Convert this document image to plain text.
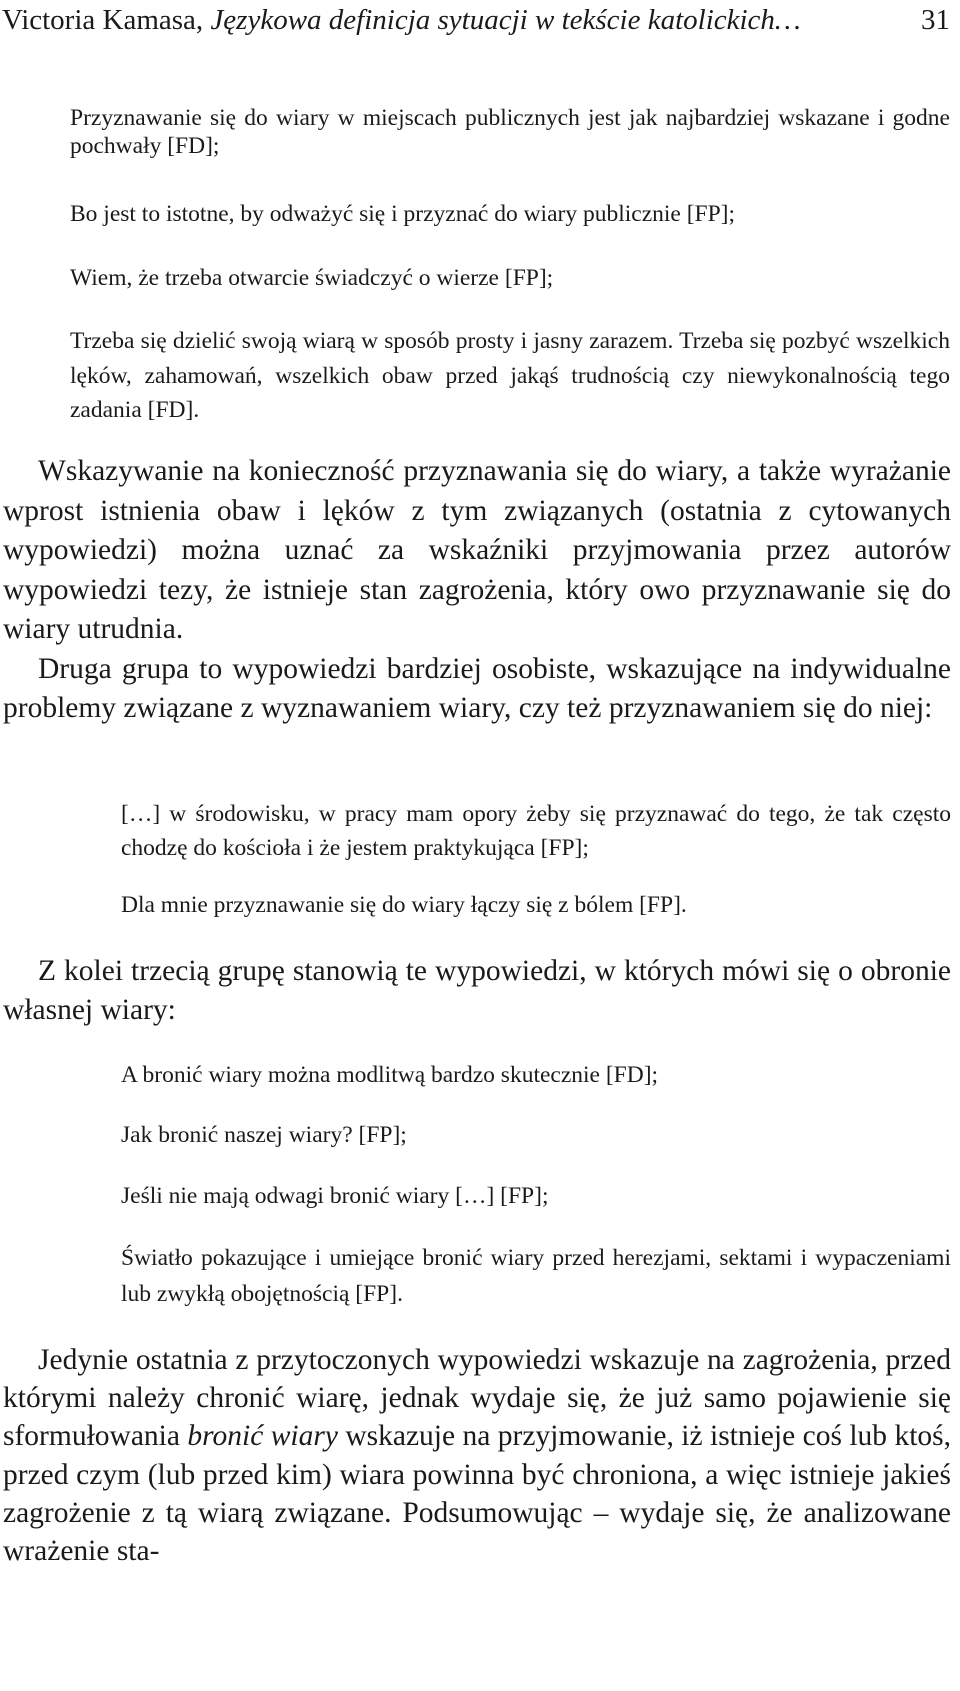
Victoria Kamasa, Językowa definicja sytuacji w tekście katolickich…	31

Przyznawanie się do wiary w miejscach publicznych jest jak najbardziej wskazane i godne pochwały [FD];

Bo jest to istotne, by odważyć się i przyznać do wiary publicznie [FP];

Wiem, że trzeba otwarcie świadczyć o wierze [FP];

Trzeba się dzielić swoją wiarą w sposób prosty i jasny zarazem. Trzeba się pozbyć wszelkich lęków, zahamowań, wszelkich obaw przed jakąś trudnością czy niewykonalnością tego zadania [FD].

Wskazywanie na konieczność przyznawania się do wiary, a także wyrażanie wprost istnienia obaw i lęków z tym związanych (ostatnia z cytowanych wypowiedzi) można uznać za wskaźniki przyjmowania przez autorów wypowiedzi tezy, że istnieje stan zagrożenia, który owo przyznawanie się do wiary utrudnia.

Druga grupa to wypowiedzi bardziej osobiste, wskazujące na indywidualne problemy związane z wyznawaniem wiary, czy też przyznawaniem się do niej:

[…] w środowisku, w pracy mam opory żeby się przyznawać do tego, że tak często chodzę do kościoła i że jestem praktykująca [FP];

Dla mnie przyznawanie się do wiary łączy się z bólem [FP].

Z kolei trzecią grupę stanowią te wypowiedzi, w których mówi się o obronie własnej wiary:

A bronić wiary można modlitwą bardzo skutecznie [FD];

Jak bronić naszej wiary? [FP];

Jeśli nie mają odwagi bronić wiary […] [FP];

Światło pokazujące i umiejące bronić wiary przed herezjami, sektami i wypaczeniami lub zwykłą obojętnością [FP].

Jedynie ostatnia z przytoczonych wypowiedzi wskazuje na zagrożenia, przed którymi należy chronić wiarę, jednak wydaje się, że już samo pojawienie się sformułowania bronić wiary wskazuje na przyjmowanie, iż istnieje coś lub ktoś, przed czym (lub przed kim) wiara powinna być chroniona, a więc istnieje jakieś zagrożenie z tą wiarą związane. Podsumowując – wydaje się, że analizowane wrażenie sta-
